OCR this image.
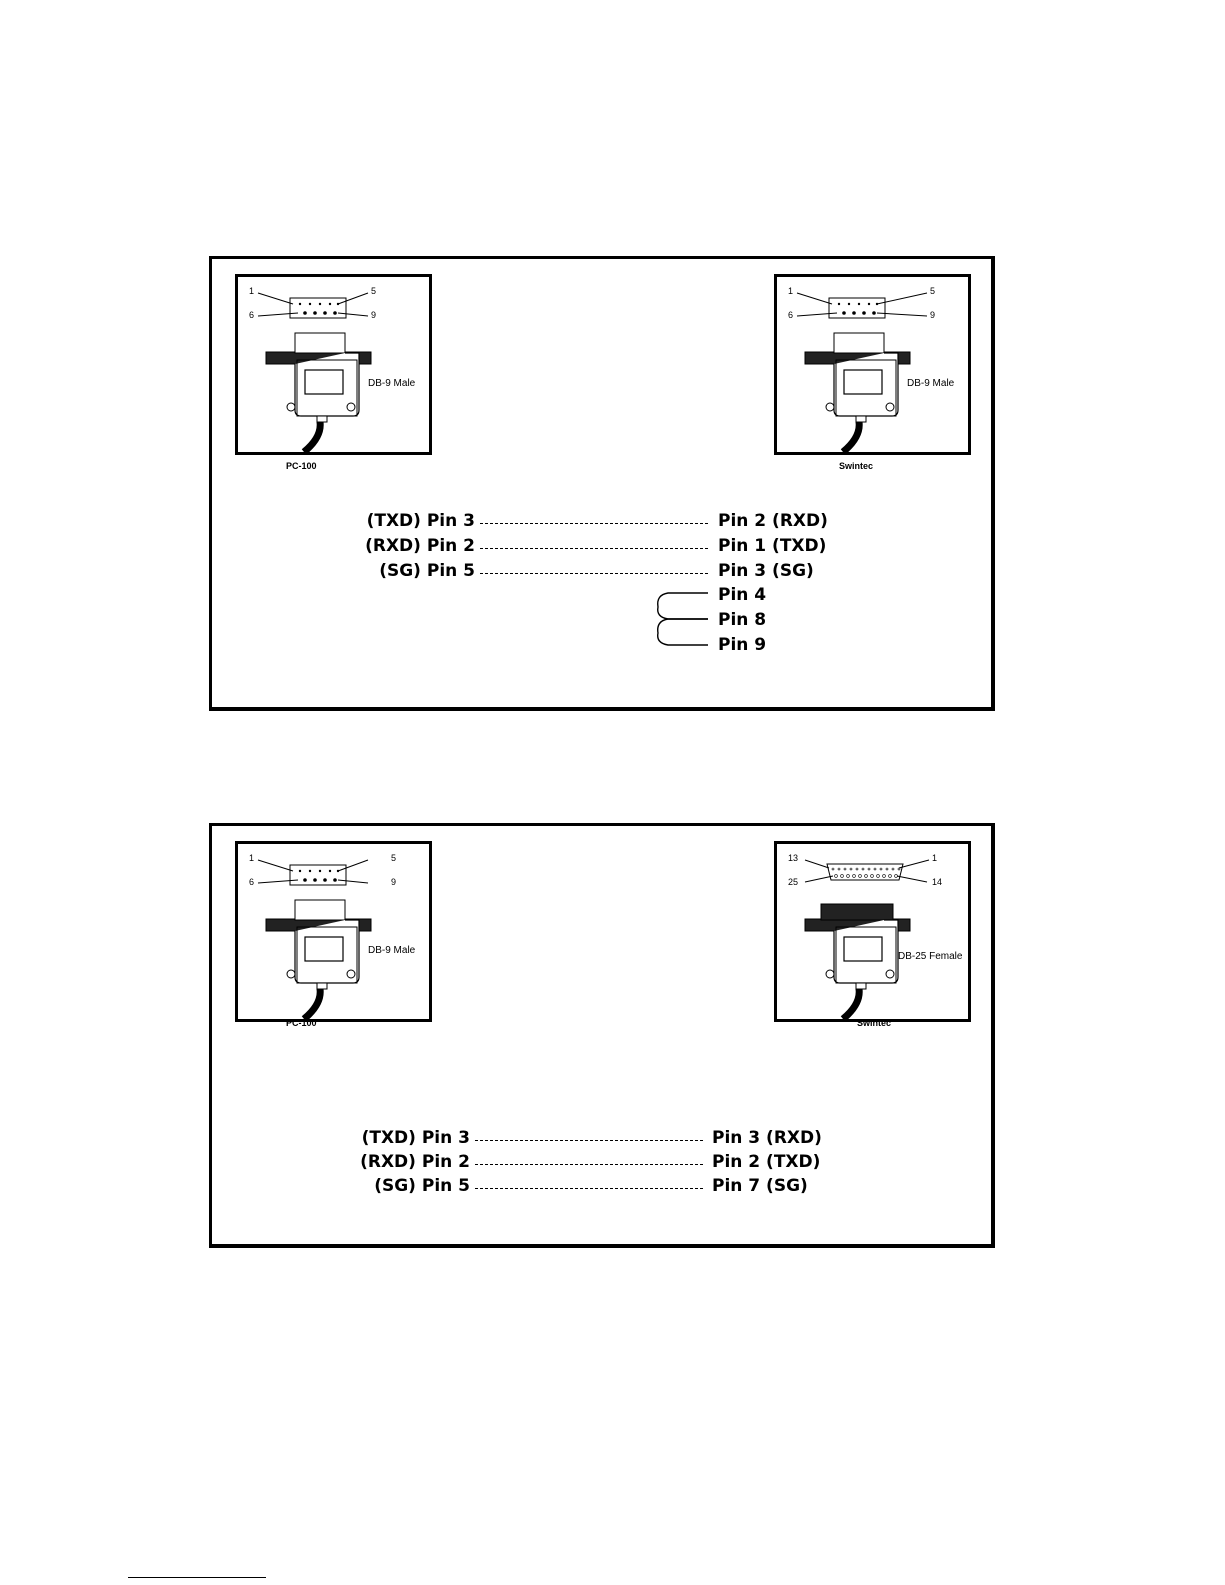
1	5
6	9
DB-9 Male
PC-100
1	5
6	9
DB-9 Male
Swintec
(TXD) Pin 3	Pin 2 (RXD)
(RXD) Pin 2	Pin 1 (TXD)
(SG) Pin 5	Pin 3 (SG)
Pin 4
Pin 8
Pin 9
1	5
6	9
DB-9 Male
PC-100
13	1
25	14
DB-25 Female
Swintec
(TXD) Pin 3	Pin 3 (RXD)
(RXD) Pin 2	Pin 2 (TXD)
(SG) Pin 5	Pin 7 (SG)
